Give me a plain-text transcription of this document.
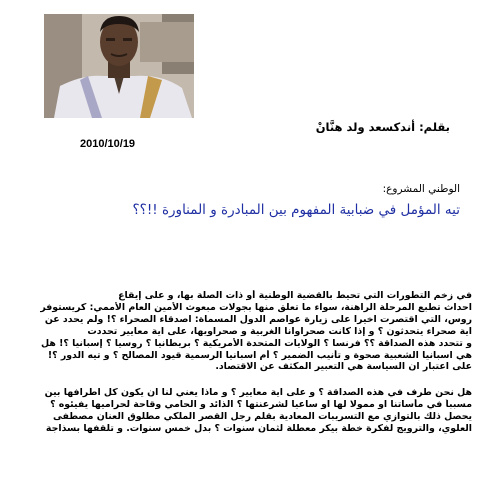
بقلم: أندكسعد ولد هنَّانْ
2010/10/19
الوطني المشروع:
تيه المؤمل في ضبابية المفهوم بين المبادرة و المناورة !!؟؟
في زخم التطورات التي تحيط بالقضية الوطنية أو ذات الصلة بها، و على إيقاع
احداث تطبع المرحلة الراهنة، سواء ما تعلق منها بجولات مبعوث الأمين العام الأممي: كريستوفر
روس، التي اقتصرت اخيرا على زيارة عواصم الدول المسماة: اصدقاء الصحراء ؟! ولم يحدد عن
اية صحراء يتحدثون ؟ و إذا كانت صحراوانا الغربية و صحراويها، على اية معايير تحددت
و تتحدد هذه الصداقة ؟؟ فرنسا ؟ الولايات المتحدة الأمريكية ؟ بريطانيا ؟ روسيا ؟ إسبانيا ؟! هل
هي اسبانيا الشعبية صحوة و تأنيب الضمير ؟ أم اسبانيا الرسمية قيود المصالح ؟ و تيه الدور ؟!
على اعتبار ان السياسة هي التعبير المكثف عن الاقتصاد.
هل نحن طرف في هذه الصداقة ؟ و على اية معايير ؟ و ماذا يعني لنا ان يكون كل اطرافها بين
مسبباً في مأساتنا او ممولا لها او ساعيا لشرعنتها ؟ الذائد و الحامي وقاحة لحراميها يفيئوه ؟
يحصل ذلك بالتوازي مع التسريبات المعادية بقلم رجل القصر الملكي مطلوق العنان مصطفى
العلوي، والترويج لفكرة خطة بيكر معطلة لثمان سنوات ؟ بدل خمس سنوات. و تلقفها بسذاجة
